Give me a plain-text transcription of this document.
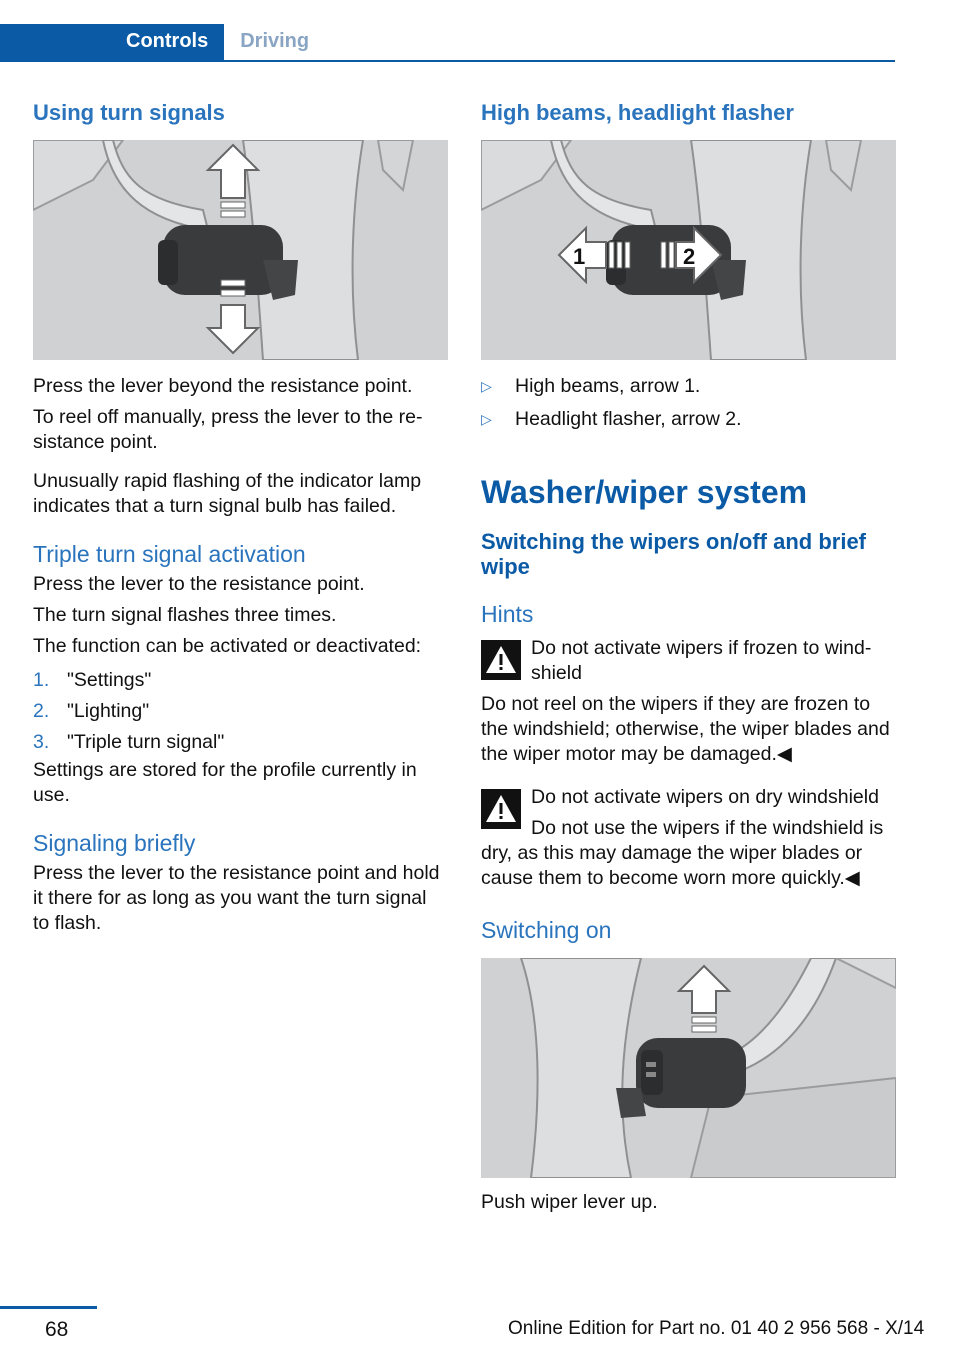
Controls	Driving
Using turn signals

Press the lever beyond the resistance point.

To reel off manually, press the lever to the re‐sistance point.

Unusually rapid flashing of the indicator lamp indicates that a turn signal bulb has failed.

Triple turn signal activation

Press the lever to the resistance point.

The turn signal flashes three times.

The function can be activated or deactivated:

1. "Settings"
2. "Lighting"
3. "Triple turn signal"

Settings are stored for the profile currently in use.

Signaling briefly

Press the lever to the resistance point and hold it there for as long as you want the turn signal to flash.

High beams, headlight flasher
1	2
▷ High beams, arrow 1.
▷ Headlight flasher, arrow 2.
Washer/wiper system
Switching the wipers on/off and brief wipe
Hints

Do not activate wipers if frozen to wind‐shield

Do not reel on the wipers if they are frozen to the windshield; otherwise, the wiper blades and the wiper motor may be damaged.◀

Do not activate wipers on dry windshield

Do not use the wipers if the windshield is dry, as this may damage the wiper blades or cause them to become worn more quickly.◀

Switching on

Push wiper lever up.

68	Online Edition for Part no. 01 40 2 956 568 - X/14
